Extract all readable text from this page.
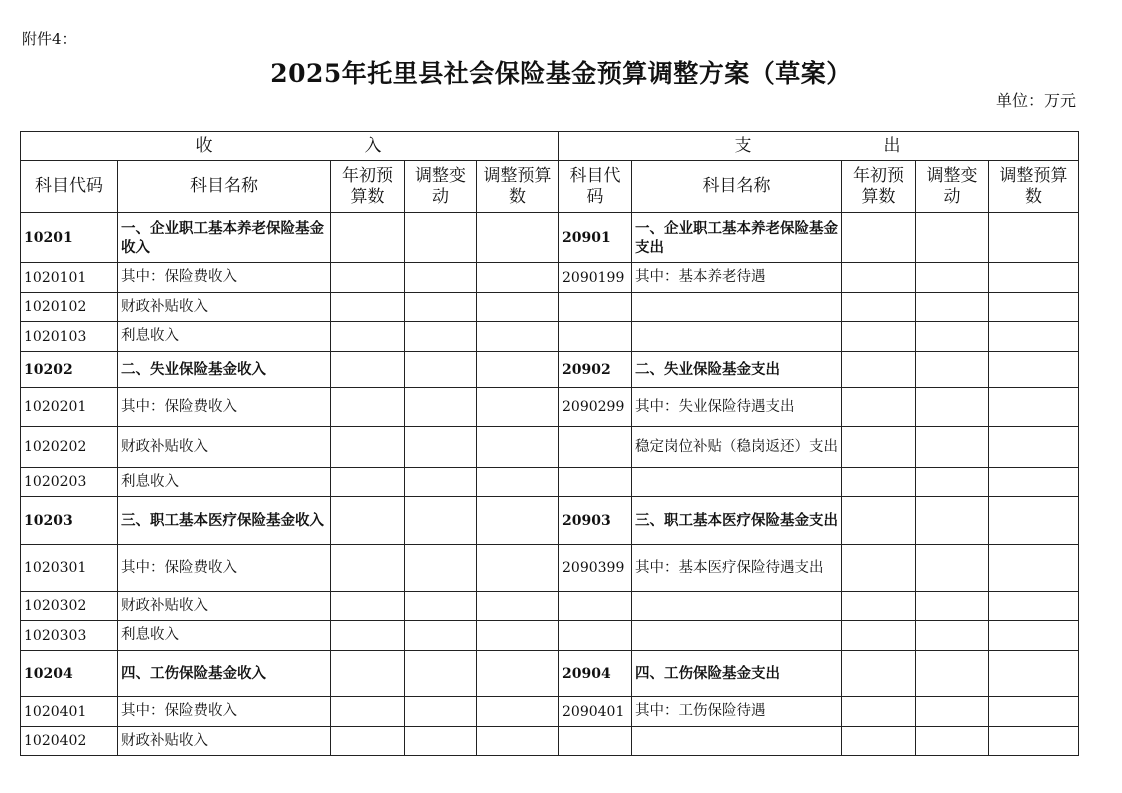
附件4：
2025年托里县社会保险基金预算调整方案（草案）
单位：万元
收 入					支 出				
科目代码	科目名称	年初预算数	调整变动	调整预算数	科目代码	科目名称	年初预算数	调整变动	调整预算数
10201	一、企业职工基本养老保险基金收入				20901	一、企业职工基本养老保险基金支出			
1020101	其中：保险费收入				2090199	其中：基本养老待遇			
1020102	财政补贴收入								
1020103	利息收入								
10202	二、失业保险基金收入				20902	二、失业保险基金支出			
1020201	其中：保险费收入				2090299	其中：失业保险待遇支出			
1020202	财政补贴收入					稳定岗位补贴（稳岗返还）支出			
1020203	利息收入								
10203	三、职工基本医疗保险基金收入				20903	三、职工基本医疗保险基金支出			
1020301	其中：保险费收入				2090399	其中：基本医疗保险待遇支出			
1020302	财政补贴收入								
1020303	利息收入								
10204	四、工伤保险基金收入				20904	四、工伤保险基金支出			
1020401	其中：保险费收入				2090401	其中：工伤保险待遇			
1020402	财政补贴收入								
